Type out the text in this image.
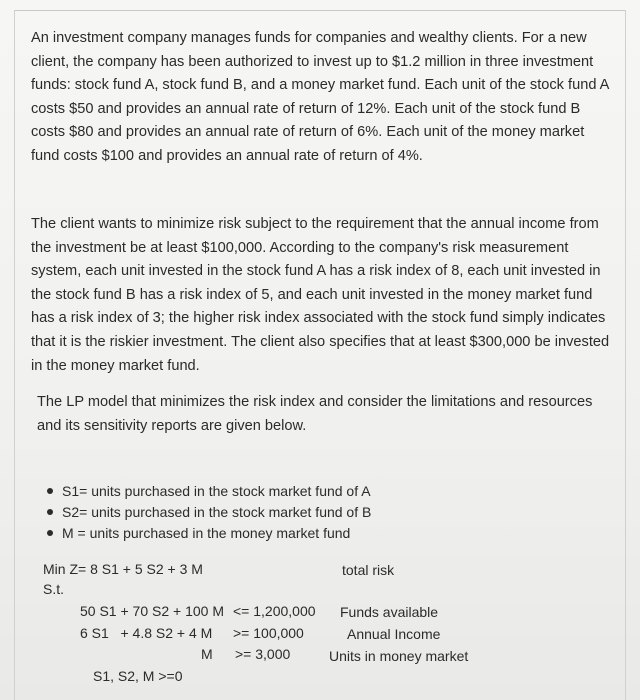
An investment company manages funds for companies and wealthy clients. For a new client, the company has been authorized to invest up to $1.2 million in three investment funds: stock fund A, stock fund B, and a money market fund. Each unit of the stock fund A costs $50 and provides an annual rate of return of 12%. Each unit of the stock fund B costs $80 and provides an annual rate of return of 6%. Each unit of the money market fund costs $100 and provides an annual rate of return of 4%.

The client wants to minimize risk subject to the requirement that the annual income from the investment be at least $100,000. According to the company's risk measurement system, each unit invested in the stock fund A has a risk index of 8, each unit invested in the stock fund B has a risk index of 5, and each unit invested in the money market fund has a risk index of 3; the higher risk index associated with the stock fund simply indicates that it is the riskier investment. The client also specifies that at least $300,000 be invested in the money market fund.

The LP model that minimizes the risk index and consider the limitations and resources and its sensitivity reports are given below.

S1= units purchased in the stock market fund of A
S2= units purchased in the stock market fund of B
M = units purchased in the money market fund
Min Z= 8 S1 + 5 S2 + 3 M	total risk
S.t.
50 S1 + 70 S2 + 100 M <= 1,200,000 Funds available
6 S1   + 4.8 S2 + 4 M >= 100,000	Annual Income
M >= 3,000	Units in money market
S1, S2, M >=0
